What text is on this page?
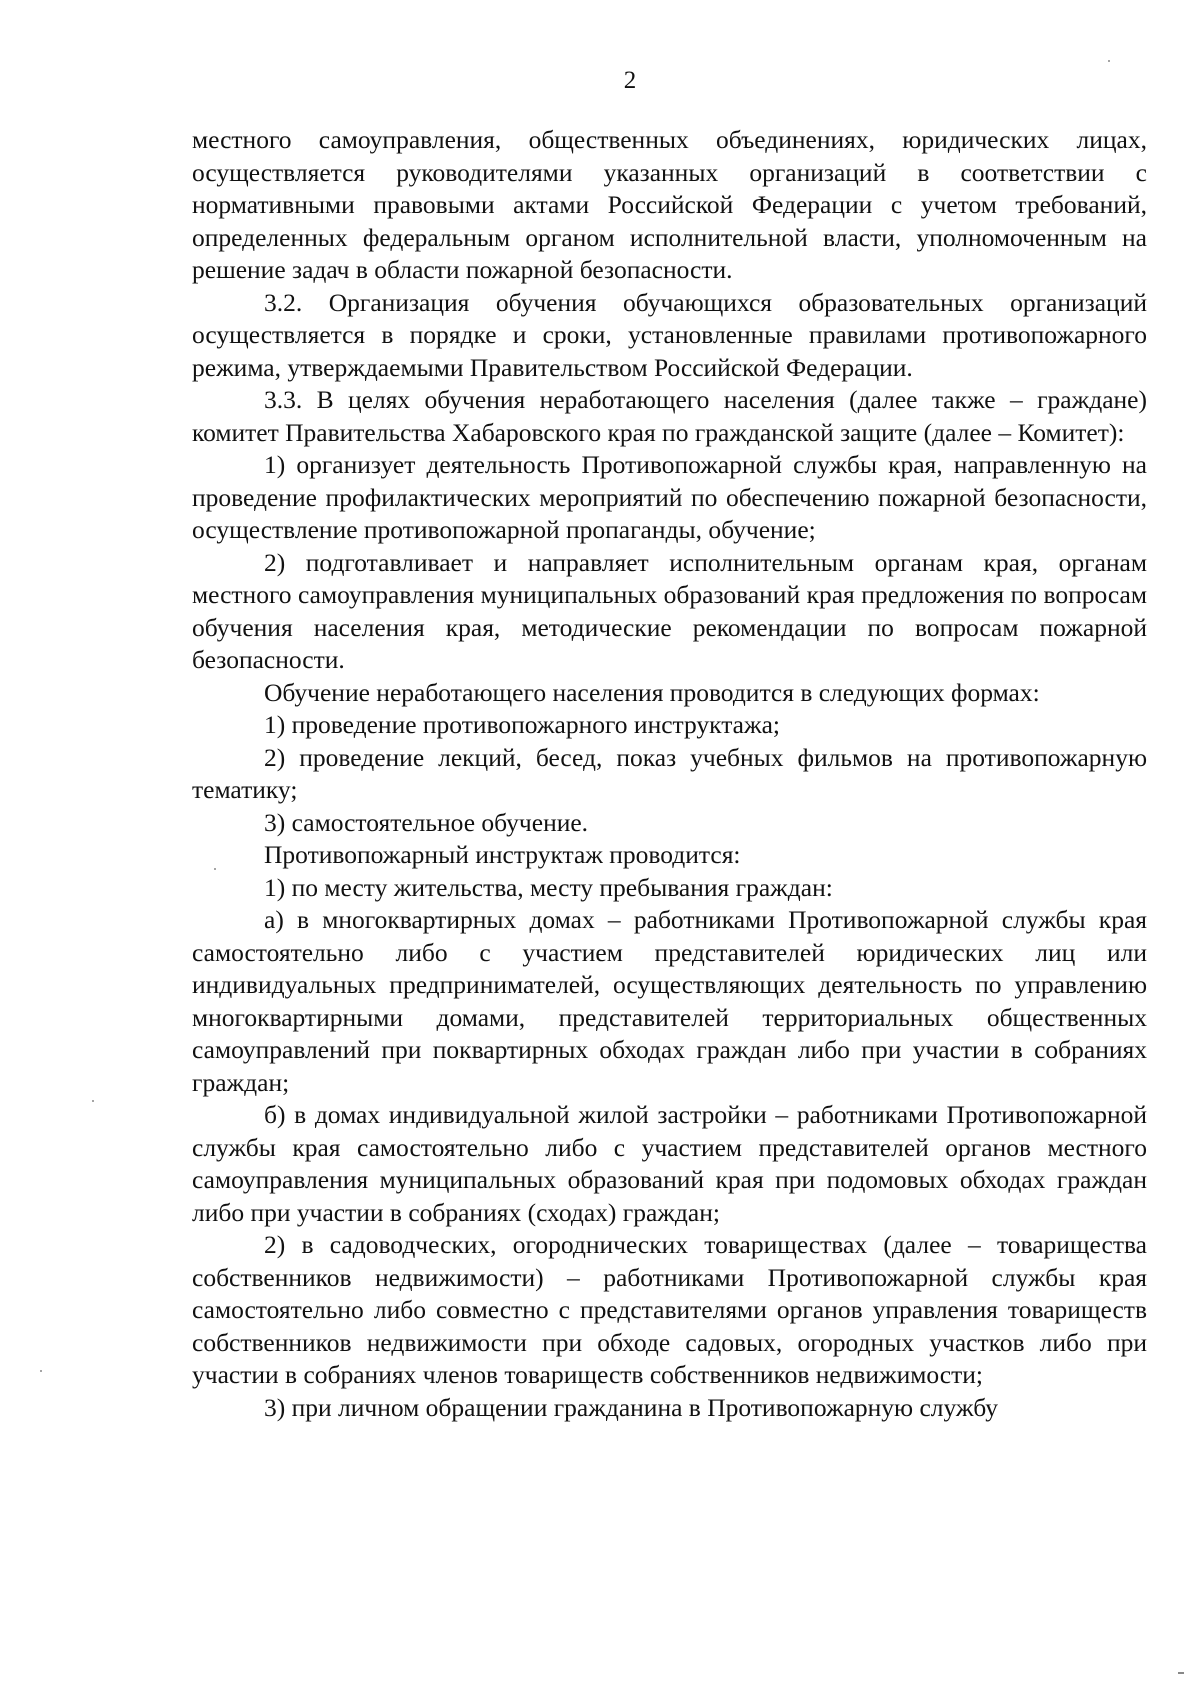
2

местного самоуправления, общественных объединениях, юридических лицах, осуществляется руководителями указанных организаций в соответствии с нормативными правовыми актами Российской Федерации с учетом требований, определенных федеральным органом исполнительной власти, уполномоченным на решение задач в области пожарной безопасности.

3.2. Организация обучения обучающихся образовательных организаций осуществляется в порядке и сроки, установленные правилами противопожарного режима, утверждаемыми Правительством Российской Федерации.

3.3. В целях обучения неработающего населения (далее также – граждане) комитет Правительства Хабаровского края по гражданской защите (далее – Комитет):

1) организует деятельность Противопожарной службы края, направленную на проведение профилактических мероприятий по обеспечению пожарной безопасности, осуществление противопожарной пропаганды, обучение;

2) подготавливает и направляет исполнительным органам края, органам местного самоуправления муниципальных образований края предложения по вопросам обучения населения края, методические рекомендации по вопросам пожарной безопасности.

Обучение неработающего населения проводится в следующих формах:

1) проведение противопожарного инструктажа;

2) проведение лекций, бесед, показ учебных фильмов на противопожарную тематику;

3) самостоятельное обучение.

Противопожарный инструктаж проводится:

1) по месту жительства, месту пребывания граждан:

а) в многоквартирных домах – работниками Противопожарной службы края самостоятельно либо с участием представителей юридических лиц или индивидуальных предпринимателей, осуществляющих деятельность по управлению многоквартирными домами, представителей территориальных общественных самоуправлений при поквартирных обходах граждан либо при участии в собраниях граждан;

б) в домах индивидуальной жилой застройки – работниками Противопожарной службы края самостоятельно либо с участием представителей органов местного самоуправления муниципальных образований края при подомовых обходах граждан либо при участии в собраниях (сходах) граждан;

2) в садоводческих, огороднических товариществах (далее – товарищества собственников недвижимости) – работниками Противопожарной службы края самостоятельно либо совместно с представителями органов управления товариществ собственников недвижимости при обходе садовых, огородных участков либо при участии в собраниях членов товариществ собственников недвижимости;

3) при личном обращении гражданина в Противопожарную службу
